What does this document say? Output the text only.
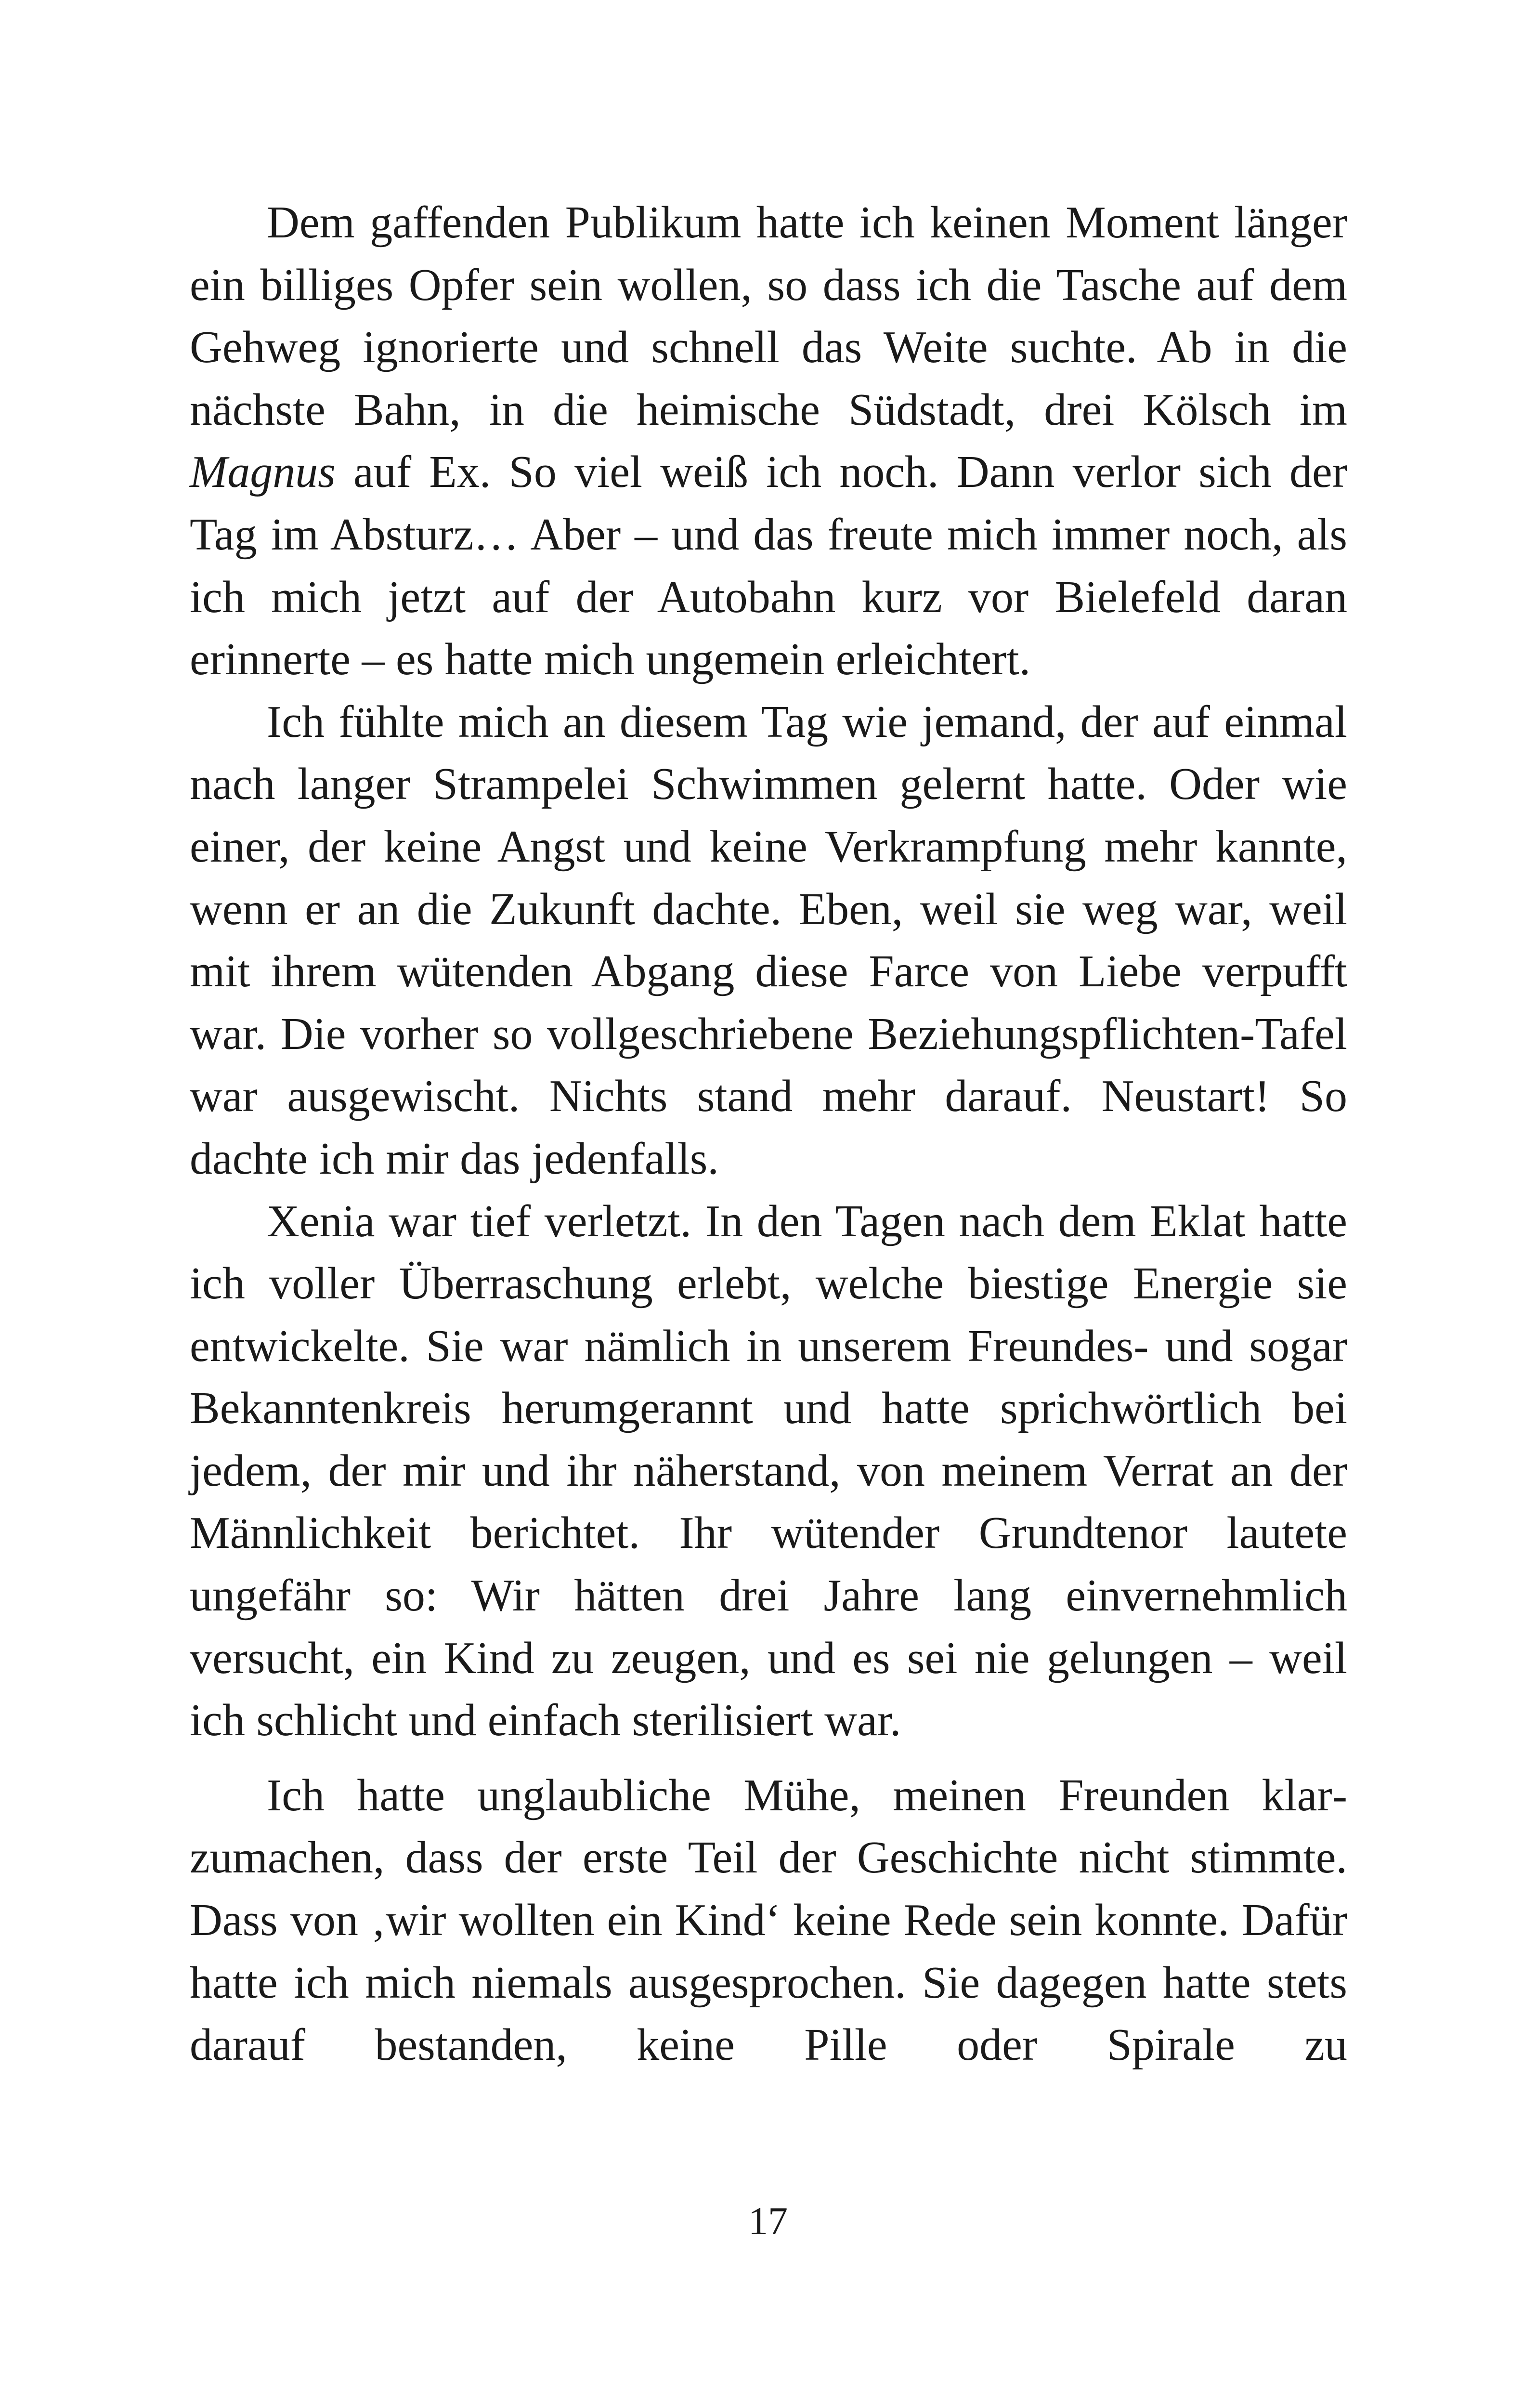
Dem gaffenden Publikum hatte ich keinen Moment länger ein billiges Opfer sein wollen, so dass ich die Tasche auf dem Gehweg ignorierte und schnell das Weite suchte. Ab in die nächste Bahn, in die heimische Südstadt, drei Kölsch im Magnus auf Ex. So viel weiß ich noch. Dann verlor sich der Tag im Absturz… Aber – und das freute mich immer noch, als ich mich jetzt auf der Autobahn kurz vor Bielefeld daran erinnerte – es hatte mich ungemein erleichtert.

Ich fühlte mich an diesem Tag wie jemand, der auf einmal nach langer Strampelei Schwimmen gelernt hatte. Oder wie einer, der keine Angst und keine Verkrampfung mehr kannte, wenn er an die Zukunft dachte. Eben, weil sie weg war, weil mit ihrem wütenden Abgang diese Farce von Liebe verpufft war. Die vorher so vollgeschriebene Beziehungspflichten-Tafel war ausgewischt. Nichts stand mehr darauf. Neustart! So dachte ich mir das jedenfalls.

Xenia war tief verletzt. In den Tagen nach dem Eklat hatte ich voller Überraschung erlebt, welche biestige Energie sie entwickelte. Sie war nämlich in unserem Freundes- und sogar Bekanntenkreis herumgerannt und hatte sprichwörtlich bei jedem, der mir und ihr näherstand, von meinem Verrat an der Männlichkeit berichtet. Ihr wütender Grundtenor lautete ungefähr so: Wir hätten drei Jahre lang einvernehmlich versucht, ein Kind zu zeugen, und es sei nie gelungen – weil ich schlicht und einfach sterilisiert war.

Ich hatte unglaubliche Mühe, meinen Freunden klarzumachen, dass der erste Teil der Geschichte nicht stimmte. Dass von ‚wir wollten ein Kind‘ keine Rede sein konnte. Dafür hatte ich mich niemals ausgesprochen. Sie dagegen hatte stets darauf bestanden, keine Pille oder Spirale zu

17
